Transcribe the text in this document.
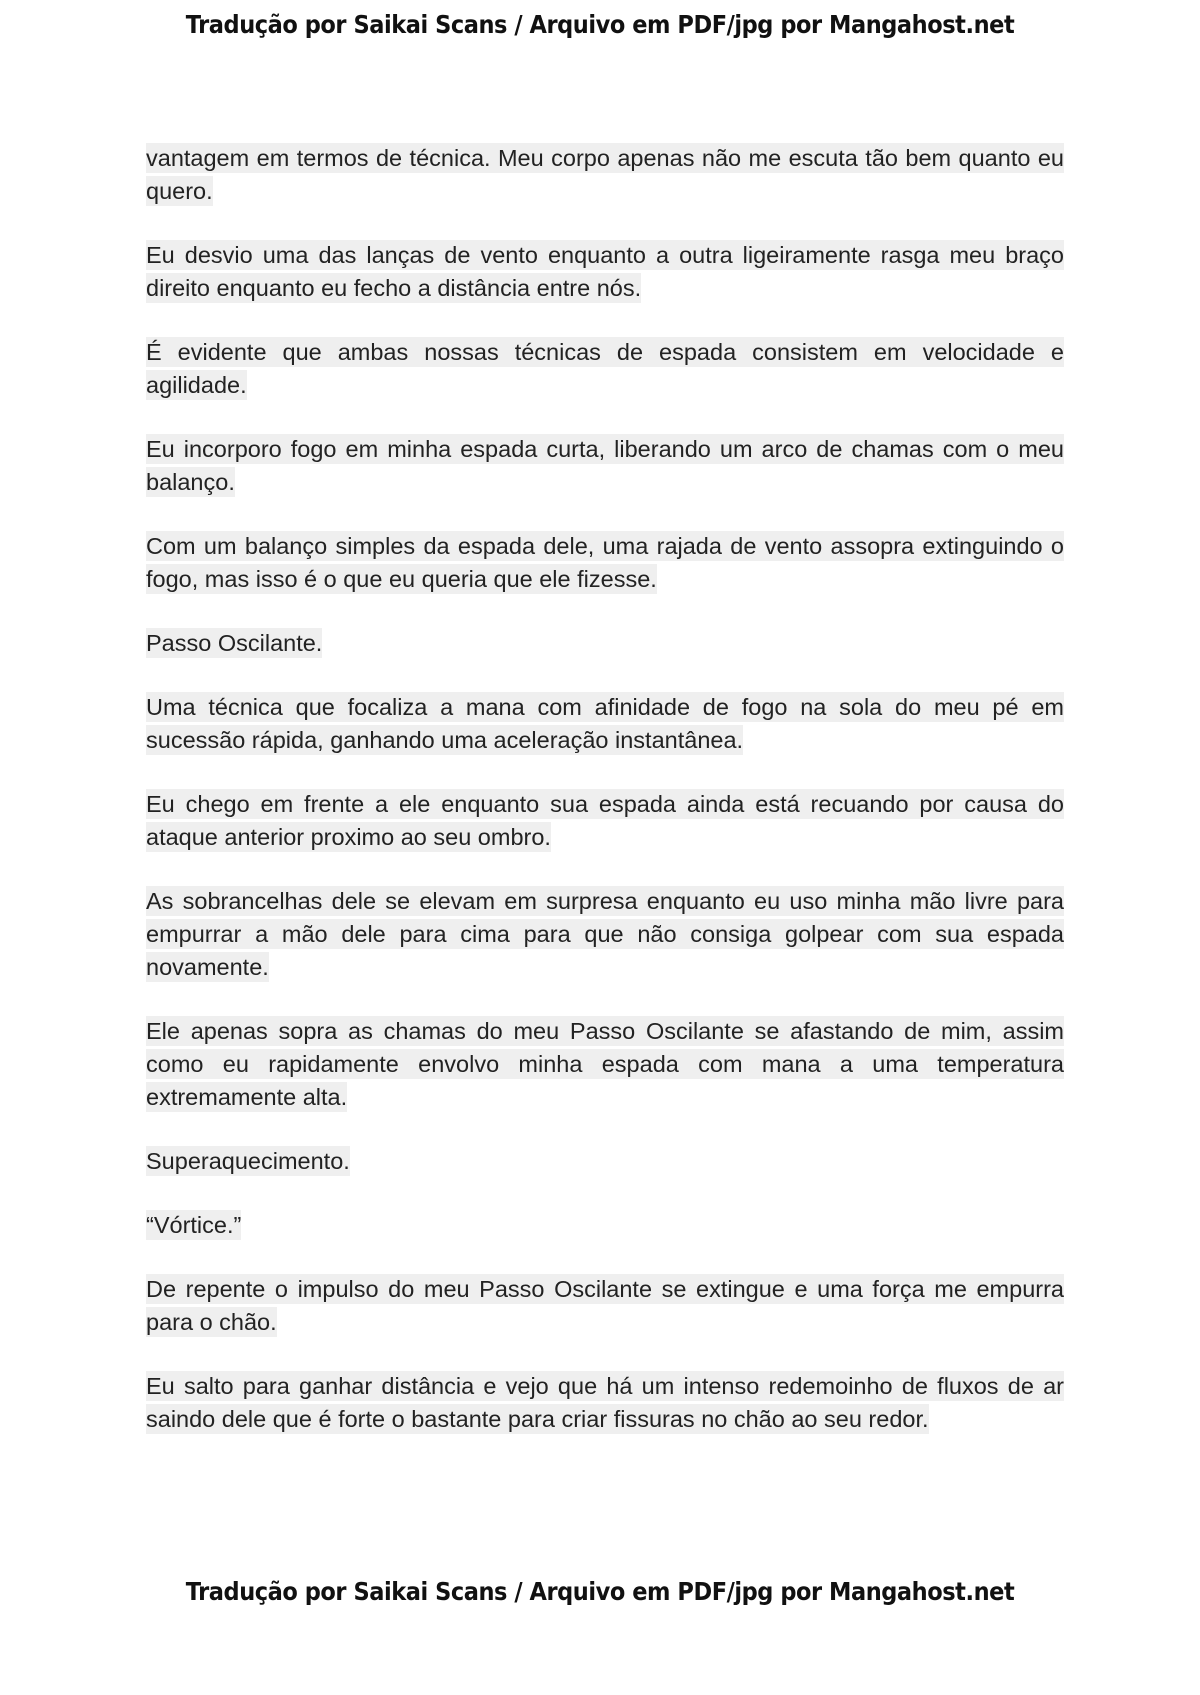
Tradução por Saikai Scans / Arquivo em PDF/jpg por Mangahost.net

vantagem em termos de técnica. Meu corpo apenas não me escuta tão bem quanto eu quero.

Eu desvio uma das lanças de vento enquanto a outra ligeiramente rasga meu braço direito enquanto eu fecho a distância entre nós.

É evidente que ambas nossas técnicas de espada consistem em velocidade e agilidade.

Eu incorporo fogo em minha espada curta, liberando um arco de chamas com o meu balanço.

Com um balanço simples da espada dele, uma rajada de vento assopra extinguindo o fogo, mas isso é o que eu queria que ele fizesse.

Passo Oscilante.

Uma técnica que focaliza a mana com afinidade de fogo na sola do meu pé em sucessão rápida, ganhando uma aceleração instantânea.

Eu chego em frente a ele enquanto sua espada ainda está recuando por causa do ataque anterior proximo ao seu ombro.

As sobrancelhas dele se elevam em surpresa enquanto eu uso minha mão livre para empurrar a mão dele para cima para que não consiga golpear com sua espada novamente.

Ele apenas sopra as chamas do meu Passo Oscilante se afastando de mim, assim como eu rapidamente envolvo minha espada com mana a uma temperatura extremamente alta.

Superaquecimento.

“Vórtice.”

De repente o impulso do meu Passo Oscilante se extingue e uma força me empurra para o chão.

Eu salto para ganhar distância e vejo que há um intenso redemoinho de fluxos de ar saindo dele que é forte o bastante para criar fissuras no chão ao seu redor.

Tradução por Saikai Scans / Arquivo em PDF/jpg por Mangahost.net
